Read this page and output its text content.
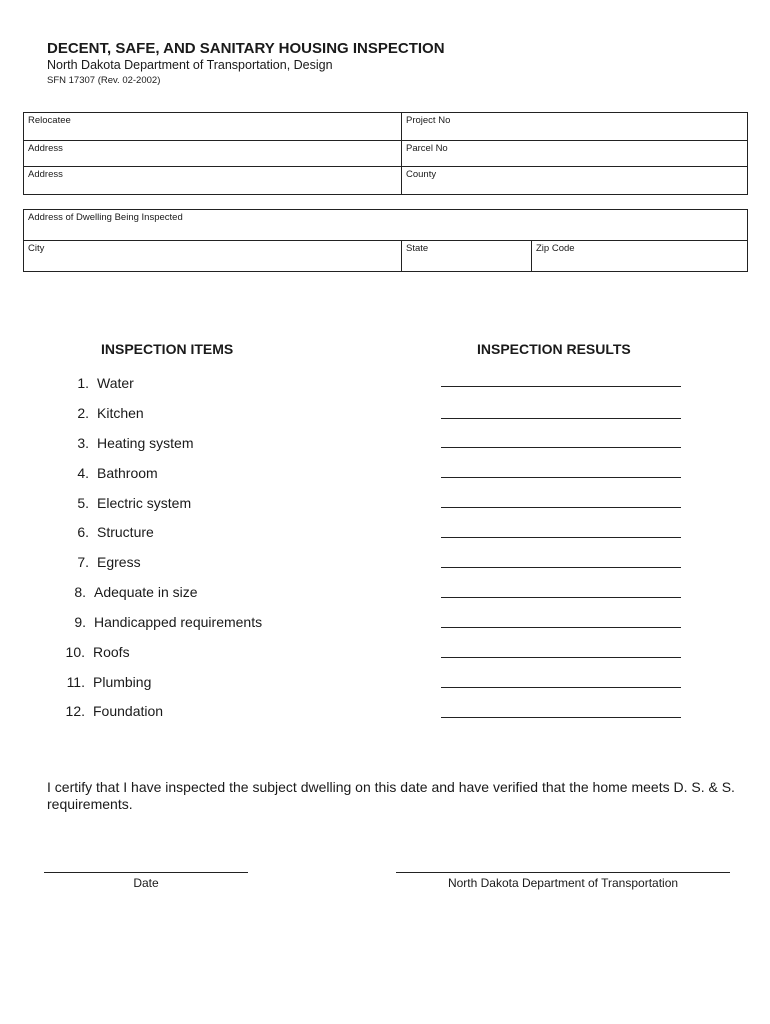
DECENT, SAFE, AND SANITARY HOUSING INSPECTION
North Dakota Department of Transportation, Design
SFN 17307 (Rev. 02-2002)
Relocatee	Project No
Address	Parcel No
Address	County
Address of Dwelling Being Inspected
City	State	Zip Code
INSPECTION ITEMS	INSPECTION RESULTS
1. Water
2. Kitchen
3. Heating system
4. Bathroom
5. Electric system
6. Structure
7. Egress
8. Adequate in size
9. Handicapped requirements
10. Roofs
11. Plumbing
12. Foundation
I certify that I have inspected the subject dwelling on this date and have verified that the home meets D. S. & S. requirements.
Date	North Dakota Department of Transportation
